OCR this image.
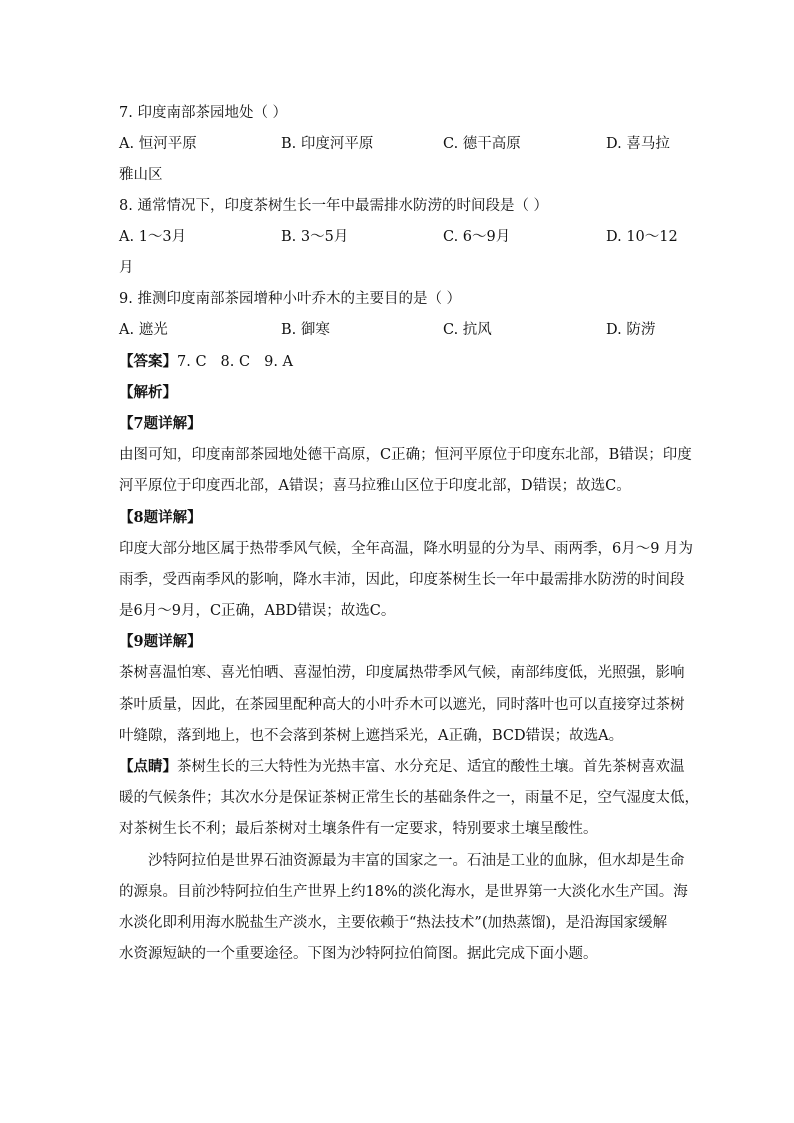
7. 印度南部茶园地处（ ）
A. 恒河平原	B. 印度河平原	C. 德干高原	D. 喜马拉
雅山区
8. 通常情况下，印度茶树生长一年中最需排水防涝的时间段是（ ）
A. 1～3月	B. 3～5月	C. 6～9月	D. 10～12
月
9. 推测印度南部茶园增种小叶乔木的主要目的是（ ）
A. 遮光	B. 御寒	C. 抗风	D. 防涝
【答案】7. C 8. C 9. A
【解析】
【7题详解】
由图可知，印度南部茶园地处德干高原，C正确；恒河平原位于印度东北部，B错误；印度
河平原位于印度西北部，A错误；喜马拉雅山区位于印度北部，D错误；故选C。
【8题详解】
印度大部分地区属于热带季风气候，全年高温，降水明显的分为旱、雨两季，6月～9 月为
雨季，受西南季风的影响，降水丰沛，因此，印度茶树生长一年中最需排水防涝的时间段
是6月～9月，C正确，ABD错误；故选C。
【9题详解】
茶树喜温怕寒、喜光怕晒、喜湿怕涝，印度属热带季风气候，南部纬度低，光照强，影响
茶叶质量，因此，在茶园里配种高大的小叶乔木可以遮光，同时落叶也可以直接穿过茶树
叶缝隙，落到地上，也不会落到茶树上遮挡采光，A正确，BCD错误；故选A。
【点睛】茶树生长的三大特性为光热丰富、水分充足、适宜的酸性土壤。首先茶树喜欢温
暖的气候条件；其次水分是保证茶树正常生长的基础条件之一，雨量不足，空气湿度太低，
对茶树生长不利；最后茶树对土壤条件有一定要求，特别要求土壤呈酸性。
沙特阿拉伯是世界石油资源最为丰富的国家之一。石油是工业的血脉，但水却是生命
的源泉。目前沙特阿拉伯生产世界上约18%的淡化海水，是世界第一大淡化水生产国。海
水淡化即利用海水脱盐生产淡水，主要依赖于“热法技术”(加热蒸馏)，是沿海国家缓解
水资源短缺的一个重要途径。下图为沙特阿拉伯简图。据此完成下面小题。
